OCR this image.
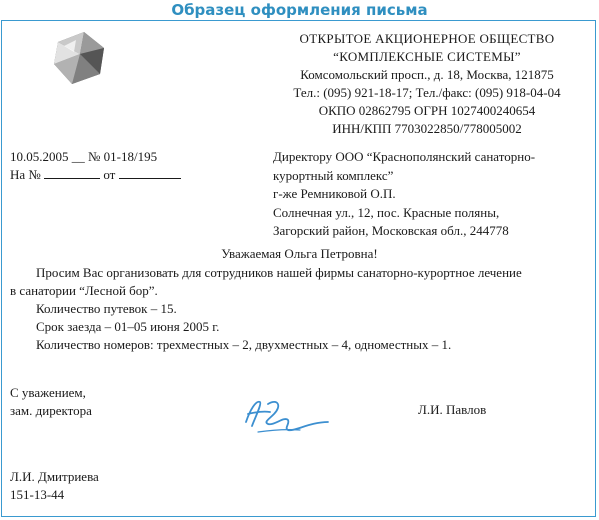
Образец оформления письма
ОТКРЫТОЕ АКЦИОНЕРНОЕ ОБЩЕСТВО
“КОМПЛЕКСНЫЕ СИСТЕМЫ”
Комсомольский просп., д. 18, Москва, 121875
Тел.: (095) 921-18-17; Тел./факс: (095) 918-04-04
ОКПО 02862795 ОГРН 1027400240654
ИНН/КПП 7703022850/778005002
10.05.2005 __ № 01-18/195
На №	от
Директору ООО “Краснополянский санаторно-
курортный комплекс”
г-же Ремниковой О.П.
Солнечная ул., 12, пос. Красные поляны,
Загорский район, Московская обл., 244778
Уважаемая Ольга Петровна!

Просим Вас организовать для сотрудников нашей фирмы санаторно-курортное лечение

в санатории “Лесной бор”.

Количество путевок – 15.

Срок заезда – 01–05 июня 2005 г.

Количество номеров: трехместных – 2, двухместных – 4, одноместных – 1.

С уважением,
зам. директора	Л.И. Павлов
Л.И. Дмитриева
151-13-44
